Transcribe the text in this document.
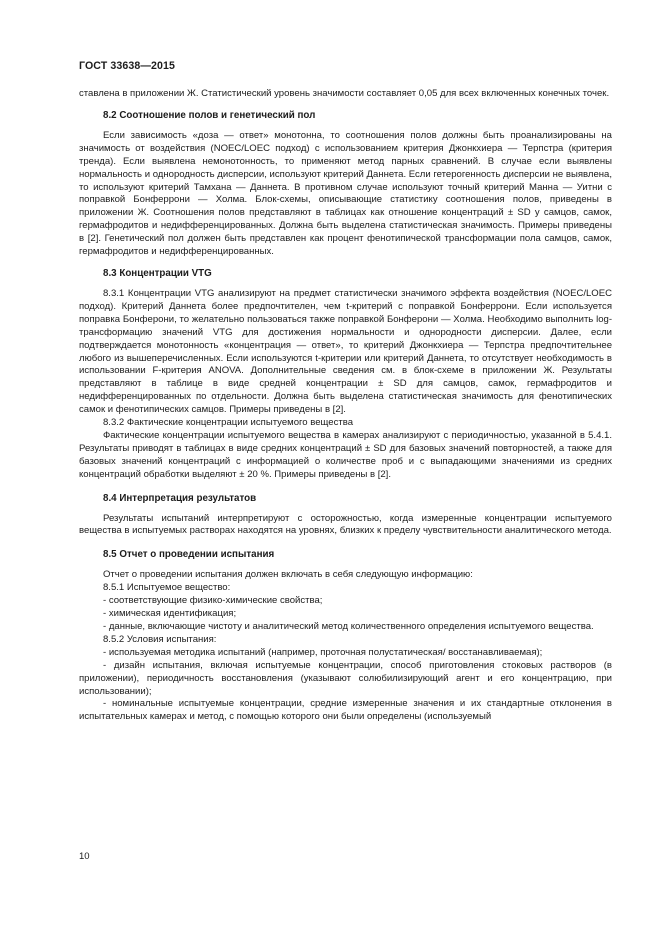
ГОСТ 33638—2015

ставлена в приложении Ж. Статистический уровень значимости составляет 0,05 для всех включенных конечных точек.

8.2 Соотношение полов и генетический пол

Если зависимость «доза — ответ» монотонна, то соотношения полов должны быть проанализированы на значимость от воздействия (NOEC/LOEC подход) с использованием критерия Джонкхиера — Терпстра (критерия тренда). Если выявлена немонотонность, то применяют метод парных сравнений. В случае если выявлены нормальность и однородность дисперсии, используют критерий Даннета. Если гетерогенность дисперсии не выявлена, то используют критерий Тамхана — Даннета. В противном случае используют точный критерий Манна — Уитни с поправкой Бонферрони — Холма. Блок-схемы, описывающие статистику соотношения полов, приведены в приложении Ж. Соотношения полов представляют в таблицах как отношение концентраций ± SD у самцов, самок, гермафродитов и недифференцированных. Должна быть выделена статистическая значимость. Примеры приведены в [2]. Генетический пол должен быть представлен как процент фенотипической трансформации пола самцов, самок, гермафродитов и недифференцированных.

8.3 Концентрации VTG

8.3.1 Концентрации VTG анализируют на предмет статистически значимого эффекта воздействия (NOEC/LOEC подход). Критерий Даннета более предпочтителен, чем t-критерий с поправкой Бонферрони. Если используется поправка Бонферони, то желательно пользоваться также поправкой Бонферони — Холма. Необходимо выполнить log-трансформацию значений VTG для достижения нормальности и однородности дисперсии. Далее, если подтверждается монотонность «концентрация — ответ», то критерий Джонкхиера — Терпстра предпочтительнее любого из вышеперечисленных. Если используются t-критерии или критерий Даннета, то отсутствует необходимость в использовании F-критерия ANOVA. Дополнительные сведения см. в блок-схеме в приложении Ж. Результаты представляют в таблице в виде средней концентрации ± SD для самцов, самок, гермафродитов и недифференцированных по отдельности. Должна быть выделена статистическая значимость для фенотипических самок и фенотипических самцов. Примеры приведены в [2].

8.3.2 Фактические концентрации испытуемого вещества

Фактические концентрации испытуемого вещества в камерах анализируют с периодичностью, указанной в 5.4.1. Результаты приводят в таблицах в виде средних концентраций ± SD для базовых значений повторностей, а также для базовых значений концентраций с информацией о количестве проб и с выпадающими значениями из средних концентраций обработки выделяют ± 20 %. Примеры приведены в [2].

8.4 Интерпретация результатов

Результаты испытаний интерпретируют с осторожностью, когда измеренные концентрации испытуемого вещества в испытуемых растворах находятся на уровнях, близких к пределу чувствительности аналитического метода.

8.5 Отчет о проведении испытания

Отчет о проведении испытания должен включать в себя следующую информацию:

8.5.1 Испытуемое вещество:

- соответствующие физико-химические свойства;

- химическая идентификация;

- данные, включающие чистоту и аналитический метод количественного определения испытуемого вещества.

8.5.2 Условия испытания:

- используемая методика испытаний (например, проточная полустатическая/ восстанавливаемая);

- дизайн испытания, включая испытуемые концентрации, способ приготовления стоковых растворов (в приложении), периодичность восстановления (указывают солюбилизирующий агент и его концентрацию, при использовании);

- номинальные испытуемые концентрации, средние измеренные значения и их стандартные отклонения в испытательных камерах и метод, с помощью которого они были определены (используемый

10
